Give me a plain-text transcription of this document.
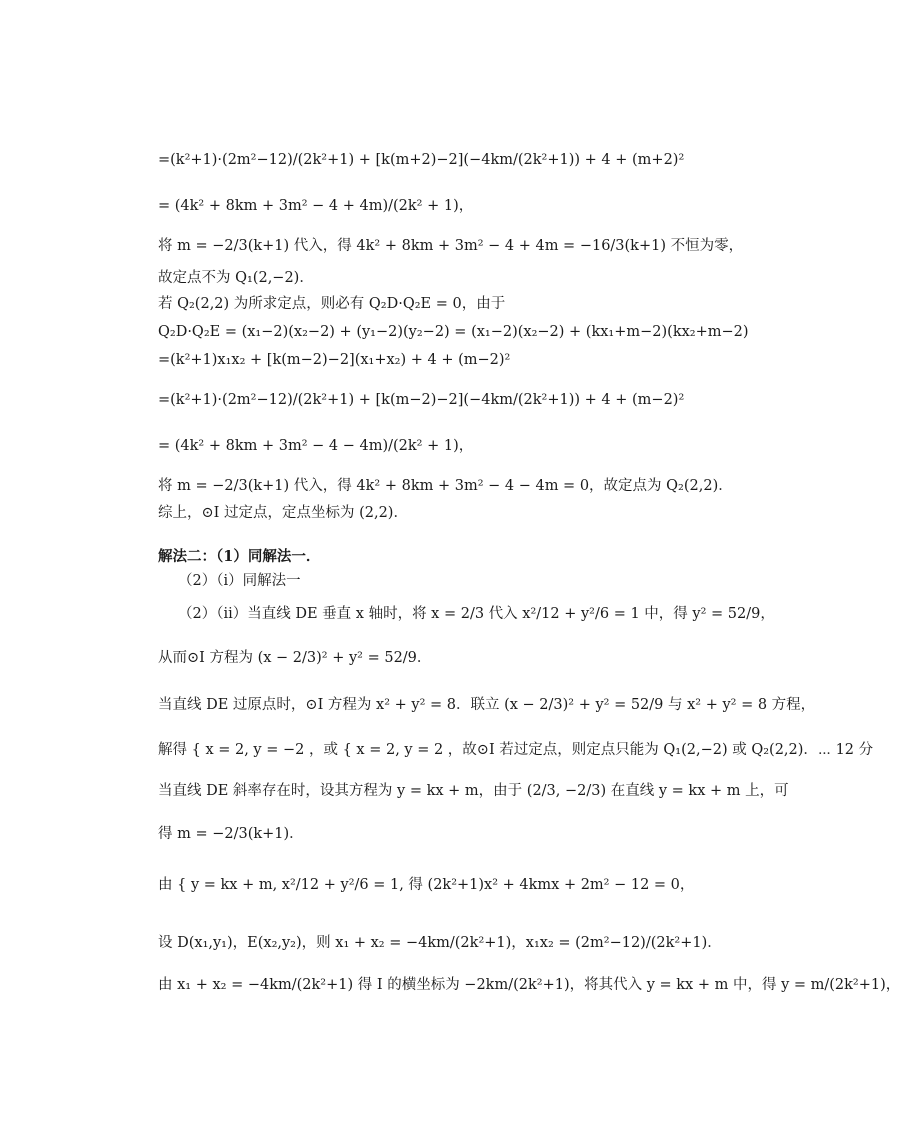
=(k²+1)·(2m²−12)/(2k²+1) + [k(m+2)−2](−4km/(2k²+1)) + 4 + (m+2)²
= (4k² + 8km + 3m² − 4 + 4m)/(2k² + 1)，
将 m = −2/3(k+1) 代入，得 4k² + 8km + 3m² − 4 + 4m = −16/3(k+1) 不恒为零，
故定点不为 Q₁(2,−2)．
若 Q₂(2,2) 为所求定点，则必有 Q₂D·Q₂E = 0，由于
Q₂D·Q₂E = (x₁−2)(x₂−2) + (y₁−2)(y₂−2) = (x₁−2)(x₂−2) + (kx₁+m−2)(kx₂+m−2)
=(k²+1)x₁x₂ + [k(m−2)−2](x₁+x₂) + 4 + (m−2)²
=(k²+1)·(2m²−12)/(2k²+1) + [k(m−2)−2](−4km/(2k²+1)) + 4 + (m−2)²
= (4k² + 8km + 3m² − 4 − 4m)/(2k² + 1)，
将 m = −2/3(k+1) 代入，得 4k² + 8km + 3m² − 4 − 4m = 0，故定点为 Q₂(2,2)．
综上，⊙I 过定点，定点坐标为 (2,2)．
解法二：（1）同解法一．
（2）（i）同解法一
（2）（ii）当直线 DE 垂直 x 轴时，将 x = 2/3 代入 x²/12 + y²/6 = 1 中，得 y² = 52/9，
从而⊙I 方程为 (x − 2/3)² + y² = 52/9．
当直线 DE 过原点时，⊙I 方程为 x² + y² = 8．联立 (x − 2/3)² + y² = 52/9 与 x² + y² = 8 方程，
解得 { x = 2, y = −2 ，或 { x = 2, y = 2 ，故⊙I 若过定点，则定点只能为 Q₁(2,−2) 或 Q₂(2,2)．⋯ 12 分
当直线 DE 斜率存在时，设其方程为 y = kx + m，由于 (2/3, −2/3) 在直线 y = kx + m 上，可
得 m = −2/3(k+1)．
由 { y = kx + m, x²/12 + y²/6 = 1, 得 (2k²+1)x² + 4kmx + 2m² − 12 = 0，
设 D(x₁,y₁)，E(x₂,y₂)，则 x₁ + x₂ = −4km/(2k²+1)，x₁x₂ = (2m²−12)/(2k²+1)．
由 x₁ + x₂ = −4km/(2k²+1) 得 I 的横坐标为 −2km/(2k²+1)，将其代入 y = kx + m 中，得 y = m/(2k²+1)，
